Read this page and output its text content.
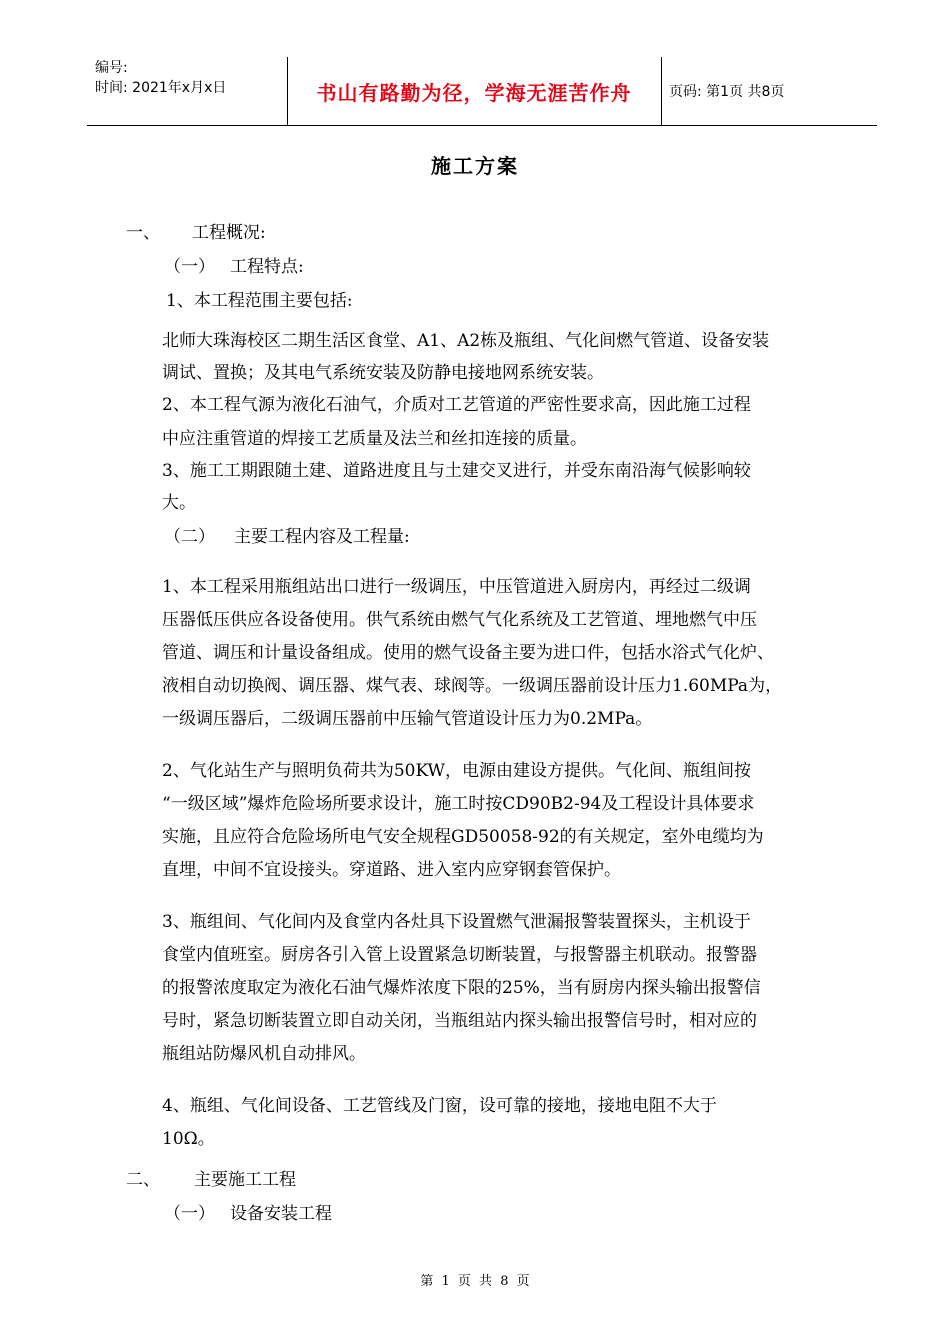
编号:
时间: 2021年x月x日	书山有路勤为径，学海无涯苦作舟	页码: 第1页 共8页
施工方案
一、 工程概况:
（一） 工程特点:
1、本工程范围主要包括:
北师大珠海校区二期生活区食堂、A1、A2栋及瓶组、气化间燃气管道、设备安装
调试、置换；及其电气系统安装及防静电接地网系统安装。
2、本工程气源为液化石油气，介质对工艺管道的严密性要求高，因此施工过程
中应注重管道的焊接工艺质量及法兰和丝扣连接的质量。
3、施工工期跟随土建、道路进度且与土建交叉进行，并受东南沿海气候影响较
大。
（二） 主要工程内容及工程量:
1、本工程采用瓶组站出口进行一级调压，中压管道进入厨房内，再经过二级调
压器低压供应各设备使用。供气系统由燃气气化系统及工艺管道、埋地燃气中压
管道、调压和计量设备组成。使用的燃气设备主要为进口件，包括水浴式气化炉、
液相自动切换阀、调压器、煤气表、球阀等。一级调压器前设计压力1.60MPa为，
一级调压器后，二级调压器前中压输气管道设计压力为0.2MPa。
2、气化站生产与照明负荷共为50KW，电源由建设方提供。气化间、瓶组间按
“一级区域”爆炸危险场所要求设计，施工时按CD90B2-94及工程设计具体要求
实施，且应符合危险场所电气安全规程GD50058-92的有关规定，室外电缆均为
直埋，中间不宜设接头。穿道路、进入室内应穿钢套管保护。
3、瓶组间、气化间内及食堂内各灶具下设置燃气泄漏报警装置探头，主机设于
食堂内值班室。厨房各引入管上设置紧急切断装置，与报警器主机联动。报警器
的报警浓度取定为液化石油气爆炸浓度下限的25%，当有厨房内探头输出报警信
号时，紧急切断装置立即自动关闭，当瓶组站内探头输出报警信号时，相对应的
瓶组站防爆风机自动排风。
4、瓶组、气化间设备、工艺管线及门窗，设可靠的接地，接地电阻不大于
10Ω。
二、 主要施工工程
（一） 设备安装工程
第 1 页 共 8 页
